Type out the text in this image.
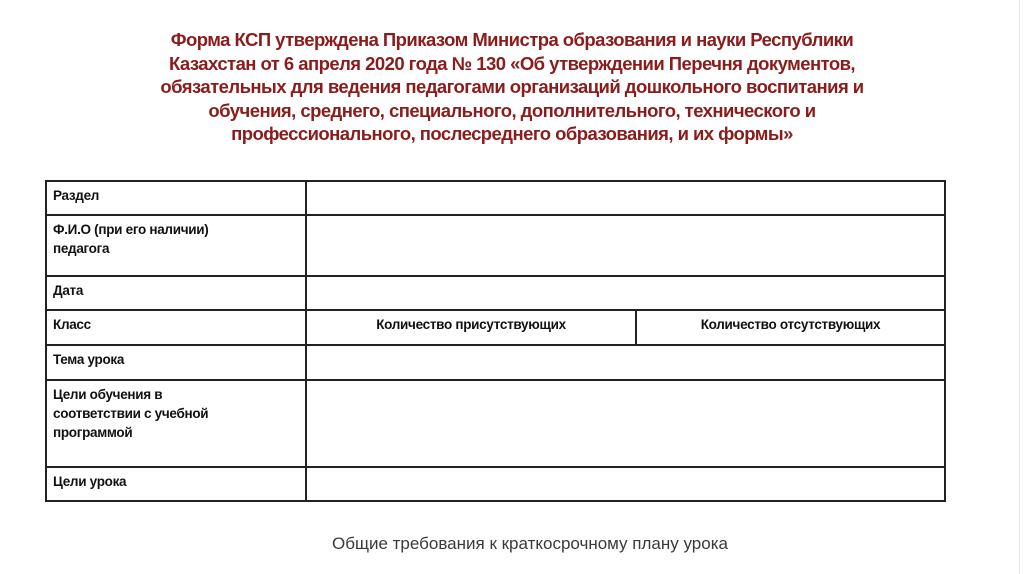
Форма КСП утверждена Приказом Министра образования и науки Республики
Казахстан от 6 апреля 2020 года № 130 «Об утверждении Перечня документов,
обязательных для ведения педагогами организаций дошкольного воспитания и
обучения, среднего, специального, дополнительного, технического и
профессионального, послесреднего образования, и их формы»
Раздел		

Ф.И.О (при его наличии)
педагога		

Дата		
Класс	Количество присутствующих	Количество отсутствующих
Тема урока		

Цели обучения в
соответствии с учебной
программой		

Цели урока		
Общие требования к краткосрочному плану урока
